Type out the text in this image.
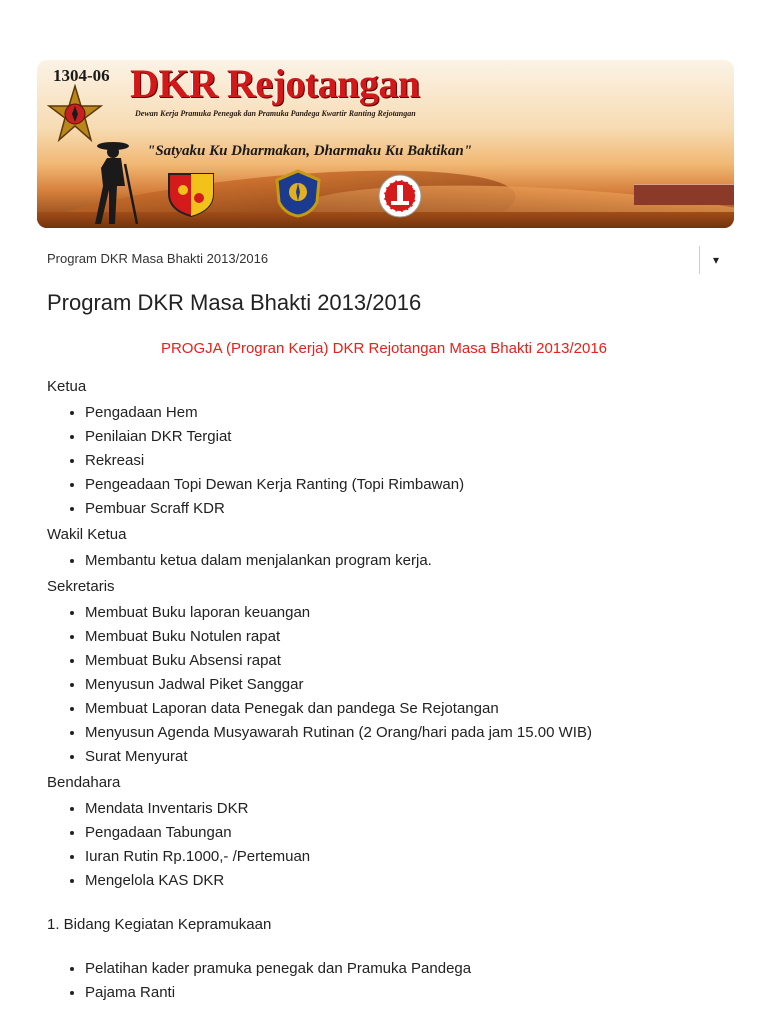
1304-06 DKR Rejotangan
Dewan Kerja Pramuka Penegak dan Pramuka Pandega Kwartir Ranting Rejotangan
"Satyaku Ku Dharmakan, Dharmaku Ku Baktikan"
Program DKR Masa Bhakti 2013/2016	▾
Program DKR Masa Bhakti 2013/2016
PROGJA (Progran Kerja) DKR Rejotangan Masa Bhakti 2013/2016
Ketua
• Pengadaan Hem
• Penilaian DKR Tergiat
• Rekreasi
• Pengeadaan Topi Dewan Kerja Ranting (Topi Rimbawan)
• Pembuar Scraff KDR
Wakil Ketua
• Membantu ketua dalam menjalankan program kerja.
Sekretaris
• Membuat Buku laporan keuangan
• Membuat Buku Notulen rapat
• Membuat Buku Absensi rapat
• Menyusun Jadwal Piket Sanggar
• Membuat Laporan data Penegak dan pandega Se Rejotangan
• Menyusun Agenda Musyawarah Rutinan (2 Orang/hari pada jam 15.00 WIB)
• Surat Menyurat
Bendahara
• Mendata Inventaris DKR
• Pengadaan Tabungan
• Iuran Rutin Rp.1000,- /Pertemuan
• Mengelola KAS DKR
1. Bidang Kegiatan Kepramukaan
• Pelatihan kader pramuka penegak dan Pramuka Pandega
• Pajama Ranti
